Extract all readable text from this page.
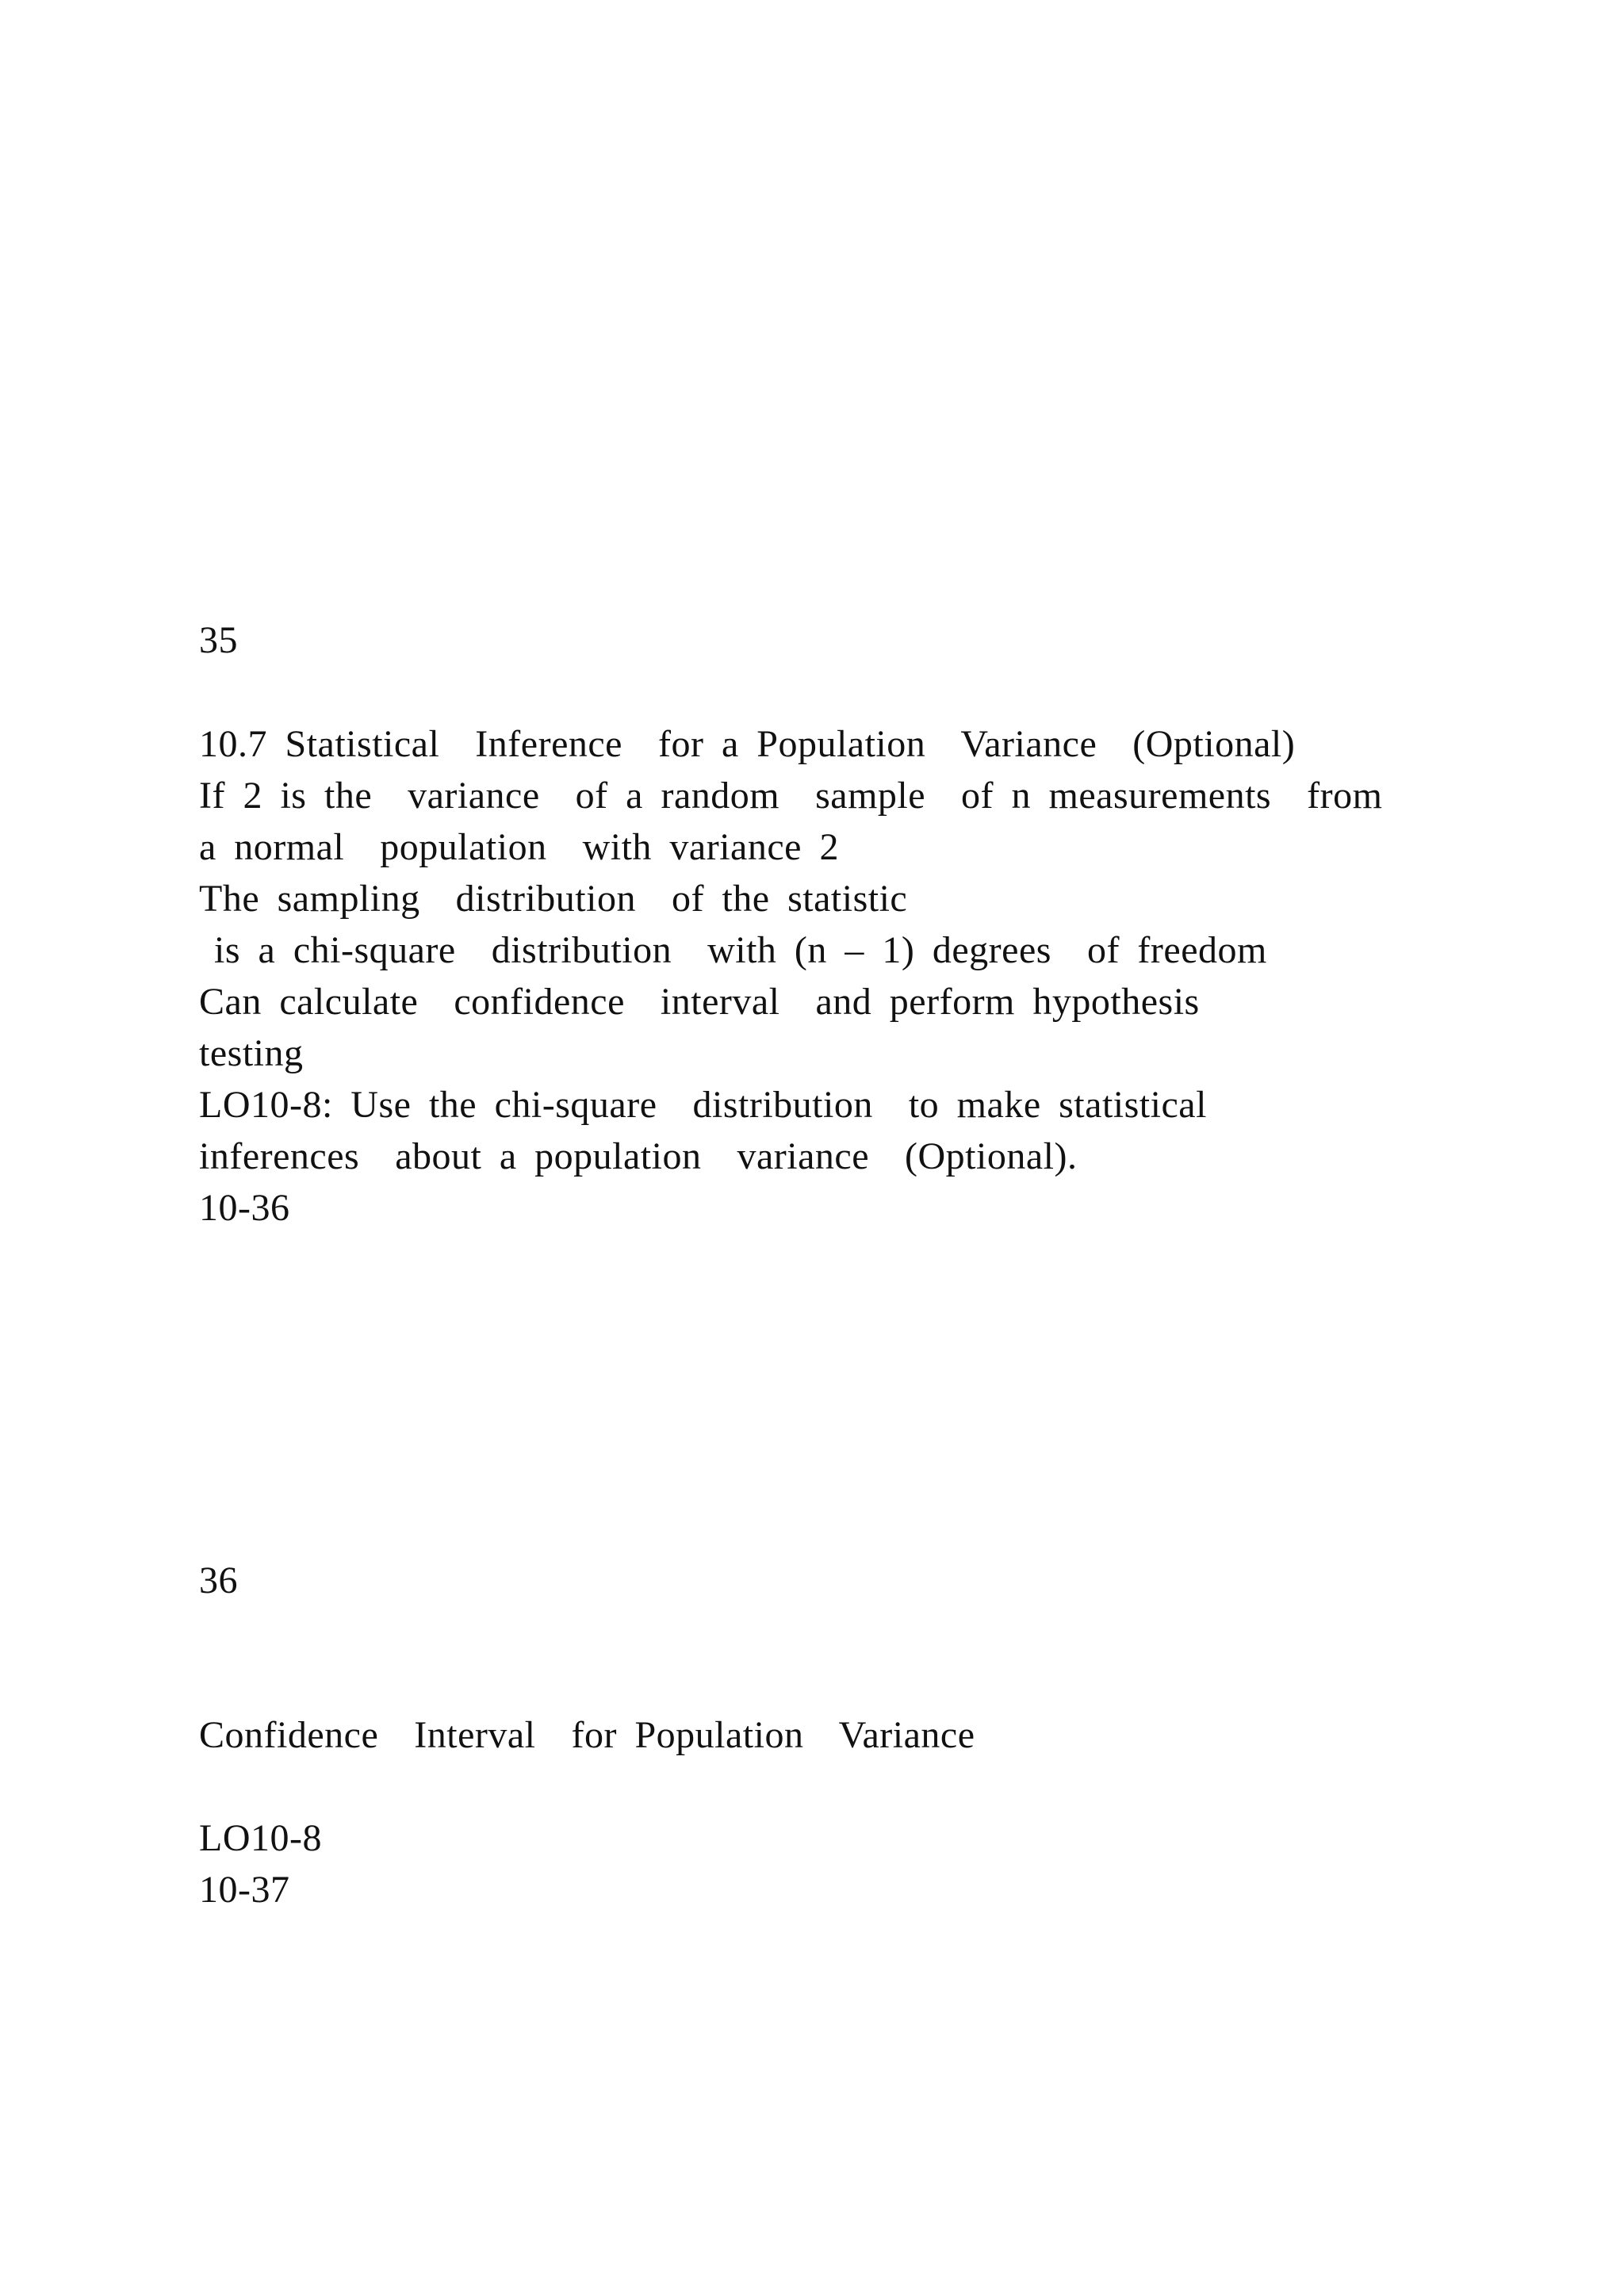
35
10.7 Statistical  Inference  for a Population  Variance  (Optional)
If 2 is the  variance  of a random  sample  of n measurements  from
a normal  population  with variance 2
The sampling  distribution  of the statistic
is a chi-square  distribution  with (n – 1) degrees  of freedom
Can calculate  confidence  interval  and perform hypothesis
testing
LO10-8: Use the chi-square  distribution  to make statistical
inferences  about a population  variance  (Optional).
10-36
36
Confidence  Interval  for Population  Variance
LO10-8
10-37
